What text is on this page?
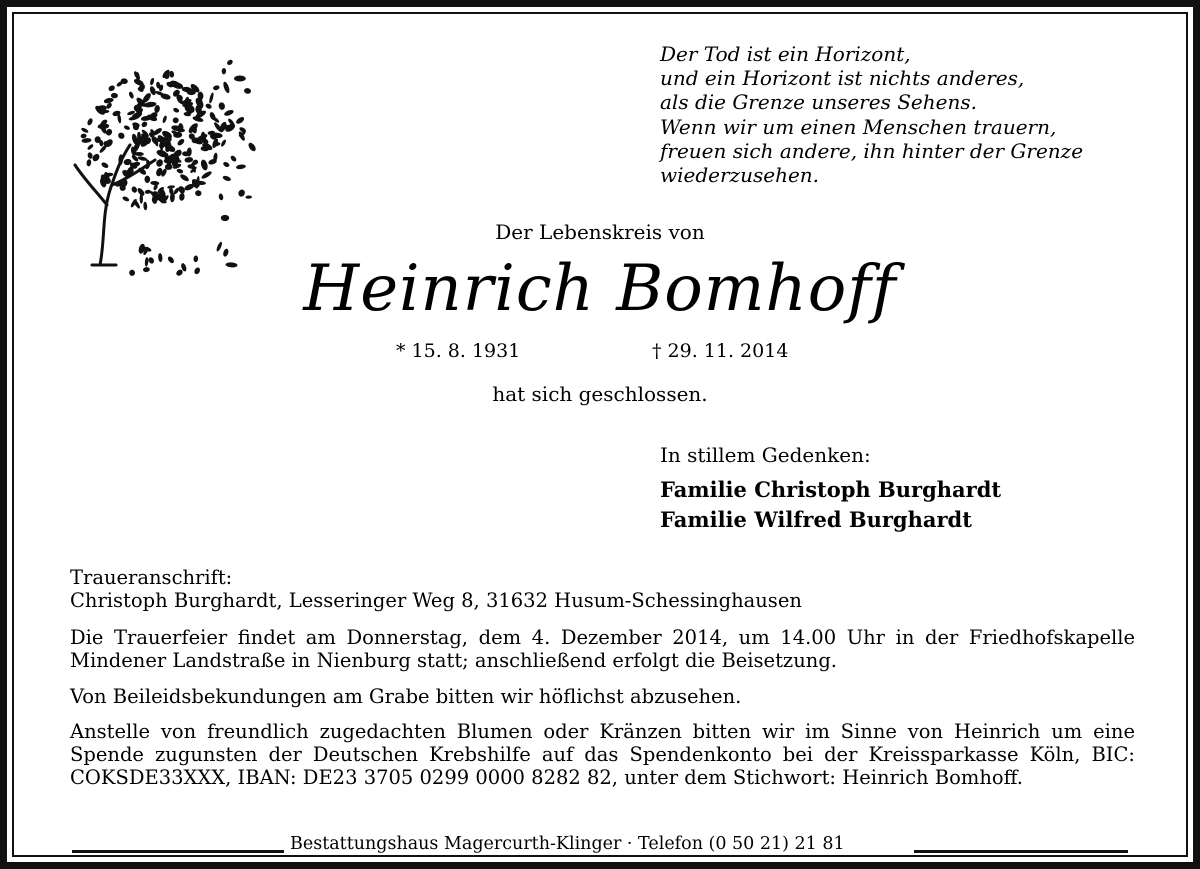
Der Tod ist ein Horizont,
und ein Horizont ist nichts anderes,
als die Grenze unseres Sehens.
Wenn wir um einen Menschen trauern,
freuen sich andere, ihn hinter der Grenze
wiederzusehen.

Der Lebenskreis von
Heinrich Bomhoff
* 15. 8. 1931	† 29. 11. 2014
hat sich geschlossen.
In stillem Gedenken:
Familie Christoph Burghardt
Familie Wilfred Burghardt
Traueranschrift:
Christoph Burghardt, Lesseringer Weg 8, 31632 Husum-Schessinghausen

Die Trauerfeier findet am Donnerstag, dem 4. Dezember 2014, um 14.00 Uhr in der Friedhofskapelle Mindener Landstraße in Nienburg statt; anschließend erfolgt die Beisetzung.

Von Beileidsbekundungen am Grabe bitten wir höflichst abzusehen.

Anstelle von freundlich zugedachten Blumen oder Kränzen bitten wir im Sinne von Heinrich um eine Spende zugunsten der Deutschen Krebshilfe auf das Spendenkonto bei der Kreissparkasse Köln, BIC: COKSDE33XXX, IBAN: DE23 3705 0299 0000 8282 82, unter dem Stichwort: Heinrich Bomhoff.

Bestattungshaus Magercurth-Klinger · Telefon (0 50 21) 21 81
